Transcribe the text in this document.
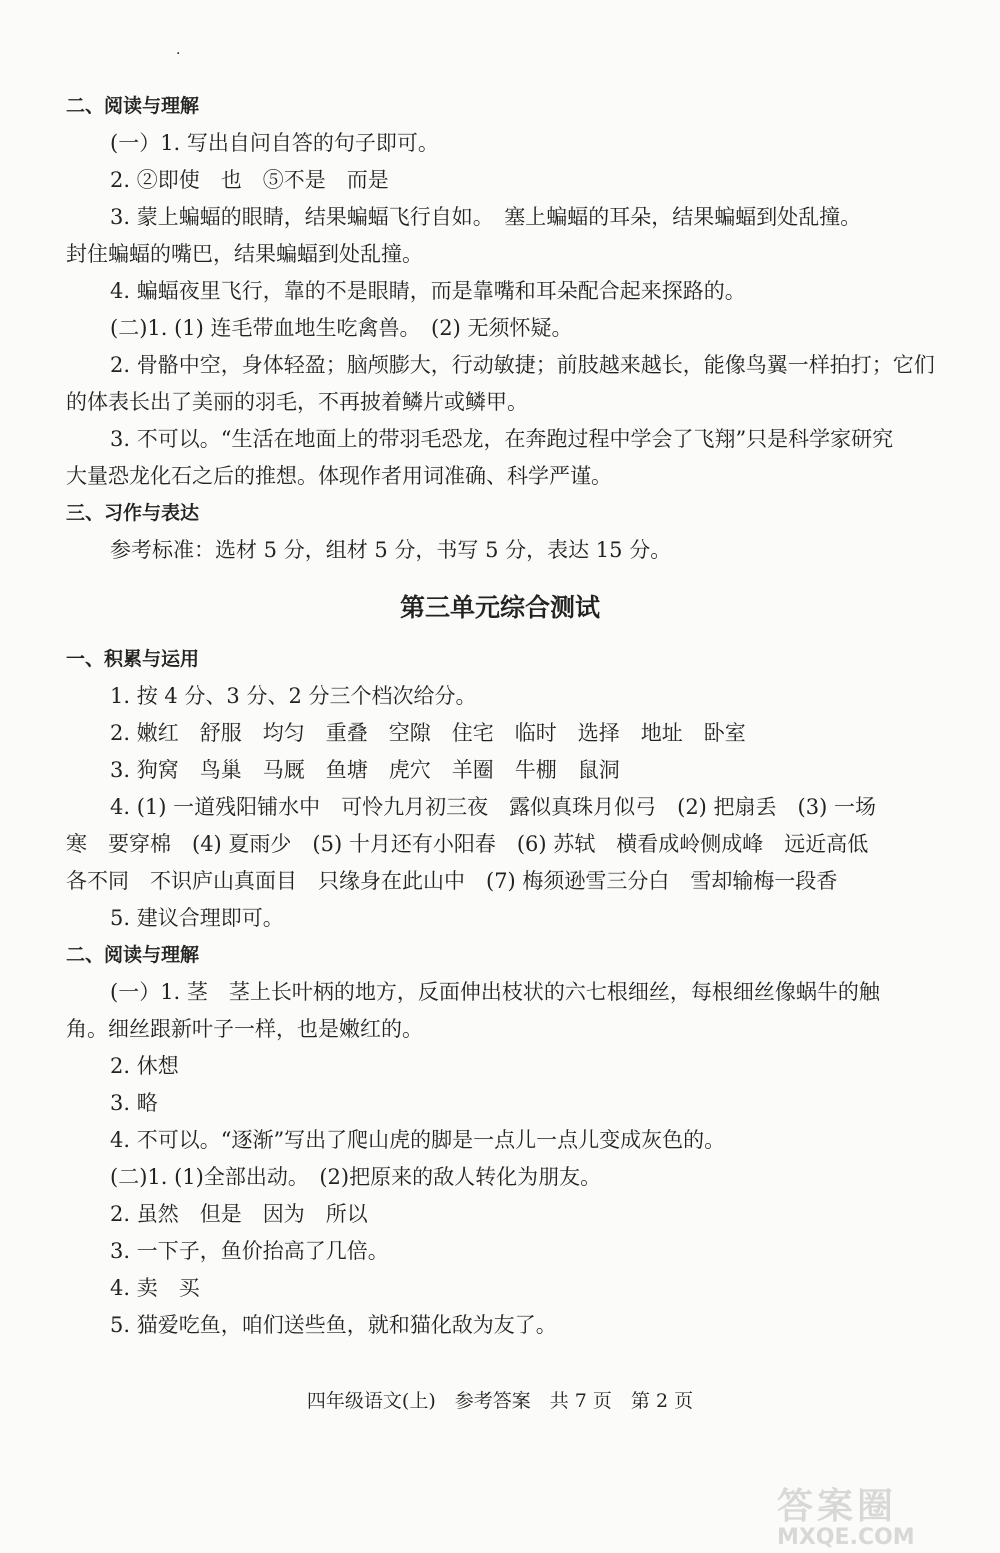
·
二、阅读与理解
(一）1. 写出自问自答的句子即可。
2. ②即使　也　⑤不是　而是
3. 蒙上蝙蝠的眼睛，结果蝙蝠飞行自如。　塞上蝙蝠的耳朵，结果蝙蝠到处乱撞。
封住蝙蝠的嘴巴，结果蝙蝠到处乱撞。
4. 蝙蝠夜里飞行，靠的不是眼睛，而是靠嘴和耳朵配合起来探路的。
(二)1. (1) 连毛带血地生吃禽兽。　(2) 无须怀疑。
2. 骨骼中空，身体轻盈；脑颅膨大，行动敏捷；前肢越来越长，能像鸟翼一样拍打；它们
的体表长出了美丽的羽毛，不再披着鳞片或鳞甲。
3. 不可以。“生活在地面上的带羽毛恐龙，在奔跑过程中学会了飞翔”只是科学家研究
大量恐龙化石之后的推想。体现作者用词准确、科学严谨。
三、习作与表达
参考标准：选材 5 分，组材 5 分，书写 5 分，表达 15 分。
第三单元综合测试
一、积累与运用
1. 按 4 分、3 分、2 分三个档次给分。
2. 嫩红　舒服　均匀　重叠　空隙　住宅　临时　选择　地址　卧室
3. 狗窝　鸟巢　马厩　鱼塘　虎穴　羊圈　牛棚　鼠洞
4. (1) 一道残阳铺水中　可怜九月初三夜　露似真珠月似弓　(2) 把扇丢　(3) 一场
寒　要穿棉　(4) 夏雨少　(5) 十月还有小阳春　(6) 苏轼　横看成岭侧成峰　远近高低
各不同　不识庐山真面目　只缘身在此山中　(7) 梅须逊雪三分白　雪却输梅一段香
5. 建议合理即可。
二、阅读与理解
(一）1. 茎　茎上长叶柄的地方，反面伸出枝状的六七根细丝，每根细丝像蜗牛的触
角。细丝跟新叶子一样，也是嫩红的。
2. 休想
3. 略
4. 不可以。“逐渐”写出了爬山虎的脚是一点儿一点儿变成灰色的。
(二)1. (1)全部出动。　(2)把原来的敌人转化为朋友。
2. 虽然　但是　因为　所以
3. 一下子，鱼价抬高了几倍。
4. 卖　买
5. 猫爱吃鱼，咱们送些鱼，就和猫化敌为友了。
四年级语文(上)　参考答案　共 7 页　第 2 页
答案圈
MXQE.COM
